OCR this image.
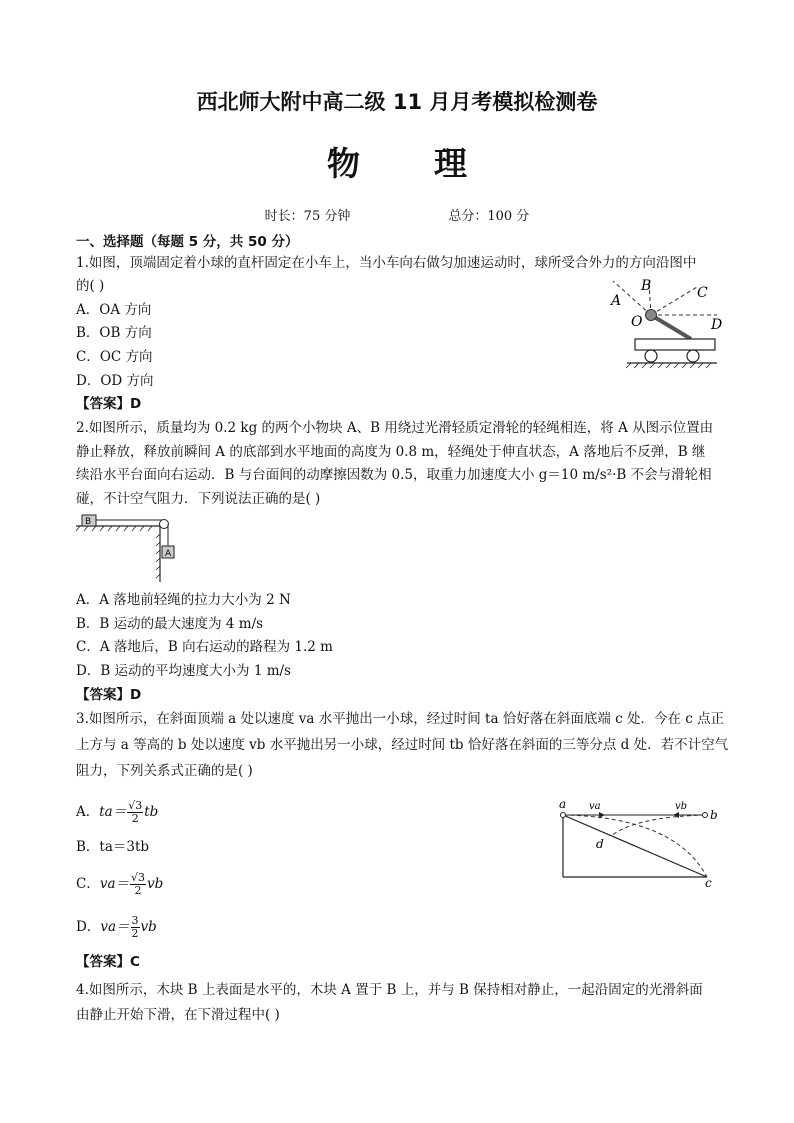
西北师大附中高二级 11 月月考模拟检测卷
物理
时长：75 分钟	总分：100 分
一、选择题（每题 5 分，共 50 分）
1.如图，顶端固定着小球的直杆固定在小车上，当小车向右做匀加速运动时，球所受合外力的方向沿图中
的( )
A．OA 方向
B．OB 方向
C．OC 方向
D．OD 方向
【答案】D
A
B	C
O	D
2.如图所示，质量均为 0.2 kg 的两个小物块 A、B 用绕过光滑轻质定滑轮的轻绳相连，将 A 从图示位置由
静止释放，释放前瞬间 A 的底部到水平地面的高度为 0.8 m，轻绳处于伸直状态，A 落地后不反弹，B 继
续沿水平台面向右运动．B 与台面间的动摩擦因数为 0.5，取重力加速度大小 g＝10 m/s²·B 不会与滑轮相
碰，不计空气阻力．下列说法正确的是( )
B
A
A．A 落地前轻绳的拉力大小为 2 N
B．B 运动的最大速度为 4 m/s
C．A 落地后，B 向右运动的路程为 1.2 m
D．B 运动的平均速度大小为 1 m/s
【答案】D
3.如图所示，在斜面顶端 a 处以速度 va 水平抛出一小球，经过时间 ta 恰好落在斜面底端 c 处．今在 c 点正
上方与 a 等高的 b 处以速度 vb 水平抛出另一小球，经过时间 tb 恰好落在斜面的三等分点 d 处．若不计空气
阻力，下列关系式正确的是( )
A．$ta= \frac{√3}{2}$ tb
B．ta＝3tb
C．$va= \frac{√3}{2}$ vb
D．$va= \frac{3}{2}$ vb
【答案】C
a va	vb
b
d
c
4.如图所示，木块 B 上表面是水平的，木块 A 置于 B 上，并与 B 保持相对静止，一起沿固定的光滑斜面
由静止开始下滑，在下滑过程中( )
